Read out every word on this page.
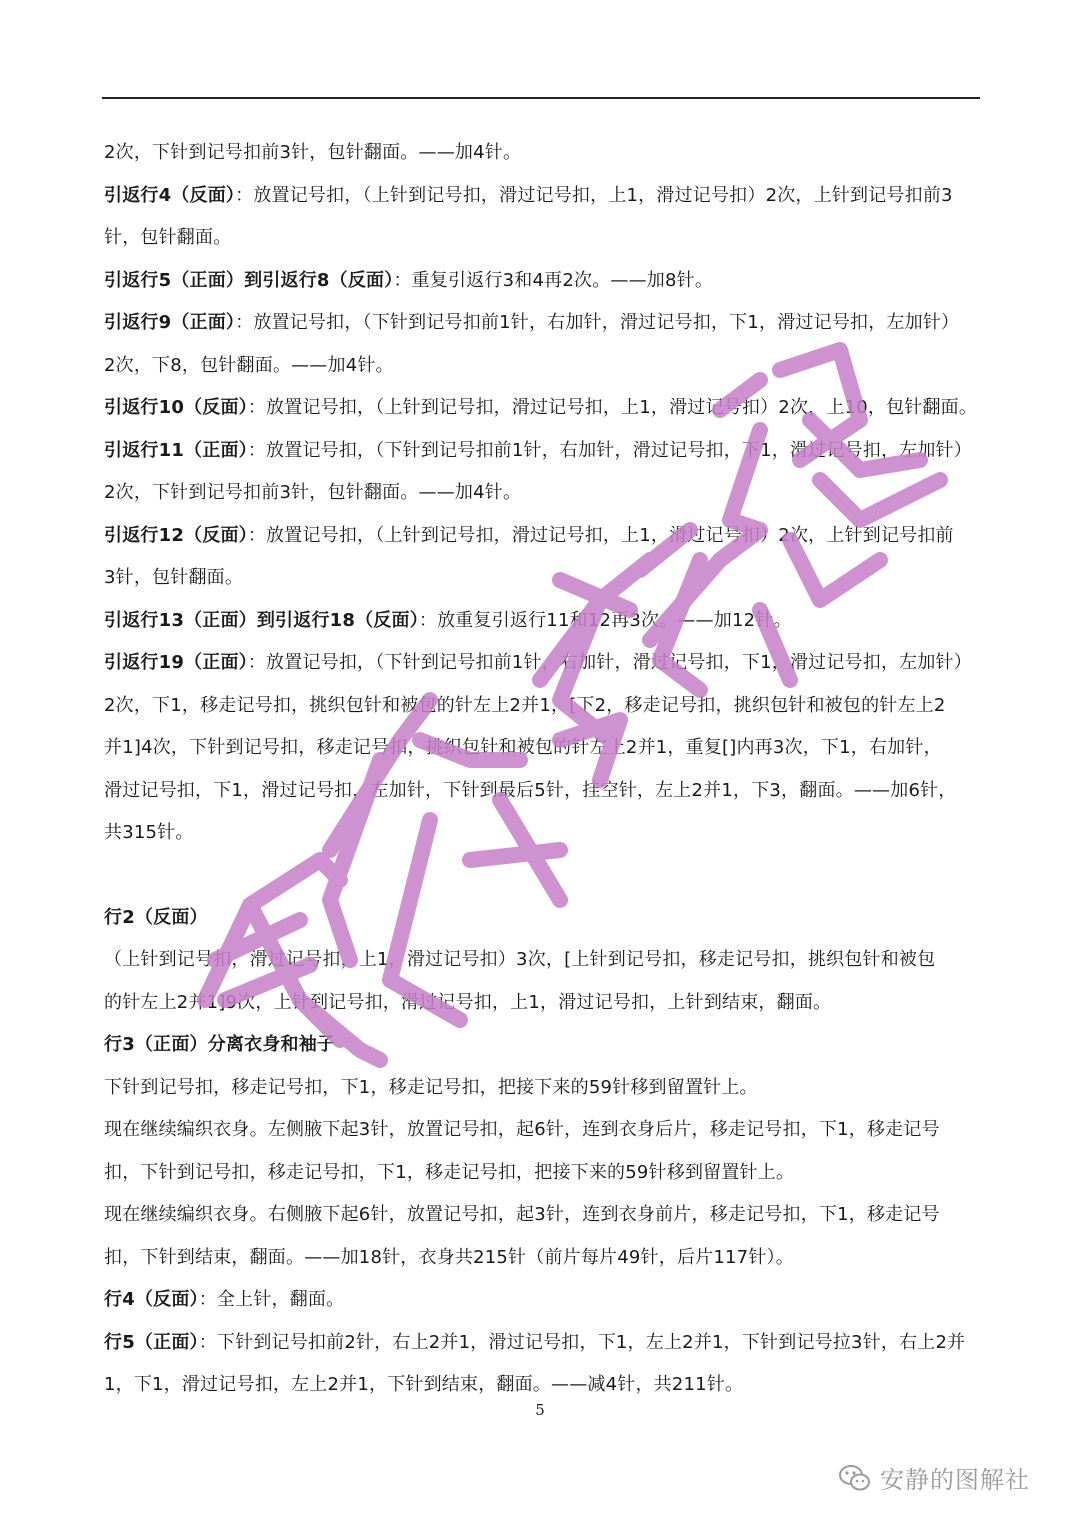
2次，下针到记号扣前3针，包针翻面。——加4针。
引返行4（反面）：放置记号扣，（上针到记号扣，滑过记号扣，上1，滑过记号扣）2次，上针到记号扣前3
针，包针翻面。
引返行5（正面）到引返行8（反面）：重复引返行3和4再2次。——加8针。
引返行9（正面）：放置记号扣，（下针到记号扣前1针，右加针，滑过记号扣，下1，滑过记号扣，左加针）
2次，下8，包针翻面。——加4针。
引返行10（反面）：放置记号扣，（上针到记号扣，滑过记号扣，上1，滑过记号扣）2次，上10，包针翻面。
引返行11（正面）：放置记号扣，（下针到记号扣前1针，右加针，滑过记号扣，下1，滑过记号扣，左加针）
2次，下针到记号扣前3针，包针翻面。——加4针。
引返行12（反面）：放置记号扣，（上针到记号扣，滑过记号扣，上1，滑过记号扣）2次，上针到记号扣前
3针，包针翻面。
引返行13（正面）到引返行18（反面）：放重复引返行11和12再3次。——加12针。
引返行19（正面）：放置记号扣，（下针到记号扣前1针，右加针，滑过记号扣，下1，滑过记号扣，左加针）
2次，下1，移走记号扣，挑织包针和被包的针左上2并1，[下2，移走记号扣，挑织包针和被包的针左上2
并1]4次，下针到记号扣，移走记号扣，挑织包针和被包的针左上2并1，重复[]内再3次，下1，右加针，
滑过记号扣，下1，滑过记号扣，左加针，下针到最后5针，挂空针，左上2并1，下3，翻面。——加6针，
共315针。
行2（反面）
（上针到记号扣，滑过记号扣，上1，滑过记号扣）3次，[上针到记号扣，移走记号扣，挑织包针和被包
的针左上2并1]9次，上针到记号扣，滑过记号扣，上1，滑过记号扣，上针到结束，翻面。
行3（正面）分离衣身和袖子
下针到记号扣，移走记号扣，下1，移走记号扣，把接下来的59针移到留置针上。
现在继续编织衣身。左侧腋下起3针，放置记号扣，起6针，连到衣身后片，移走记号扣，下1，移走记号
扣，下针到记号扣，移走记号扣，下1，移走记号扣，把接下来的59针移到留置针上。
现在继续编织衣身。右侧腋下起6针，放置记号扣，起3针，连到衣身前片，移走记号扣，下1，移走记号
扣，下针到结束，翻面。——加18针，衣身共215针（前片每片49针，后片117针）。
行4（反面）：全上针，翻面。
行5（正面）：下针到记号扣前2针，右上2并1，滑过记号扣，下1，左上2并1，下针到记号拉3针，右上2并
1，下1，滑过记号扣，左上2并1，下针到结束，翻面。——减4针，共211针。
5
安静的图解社
